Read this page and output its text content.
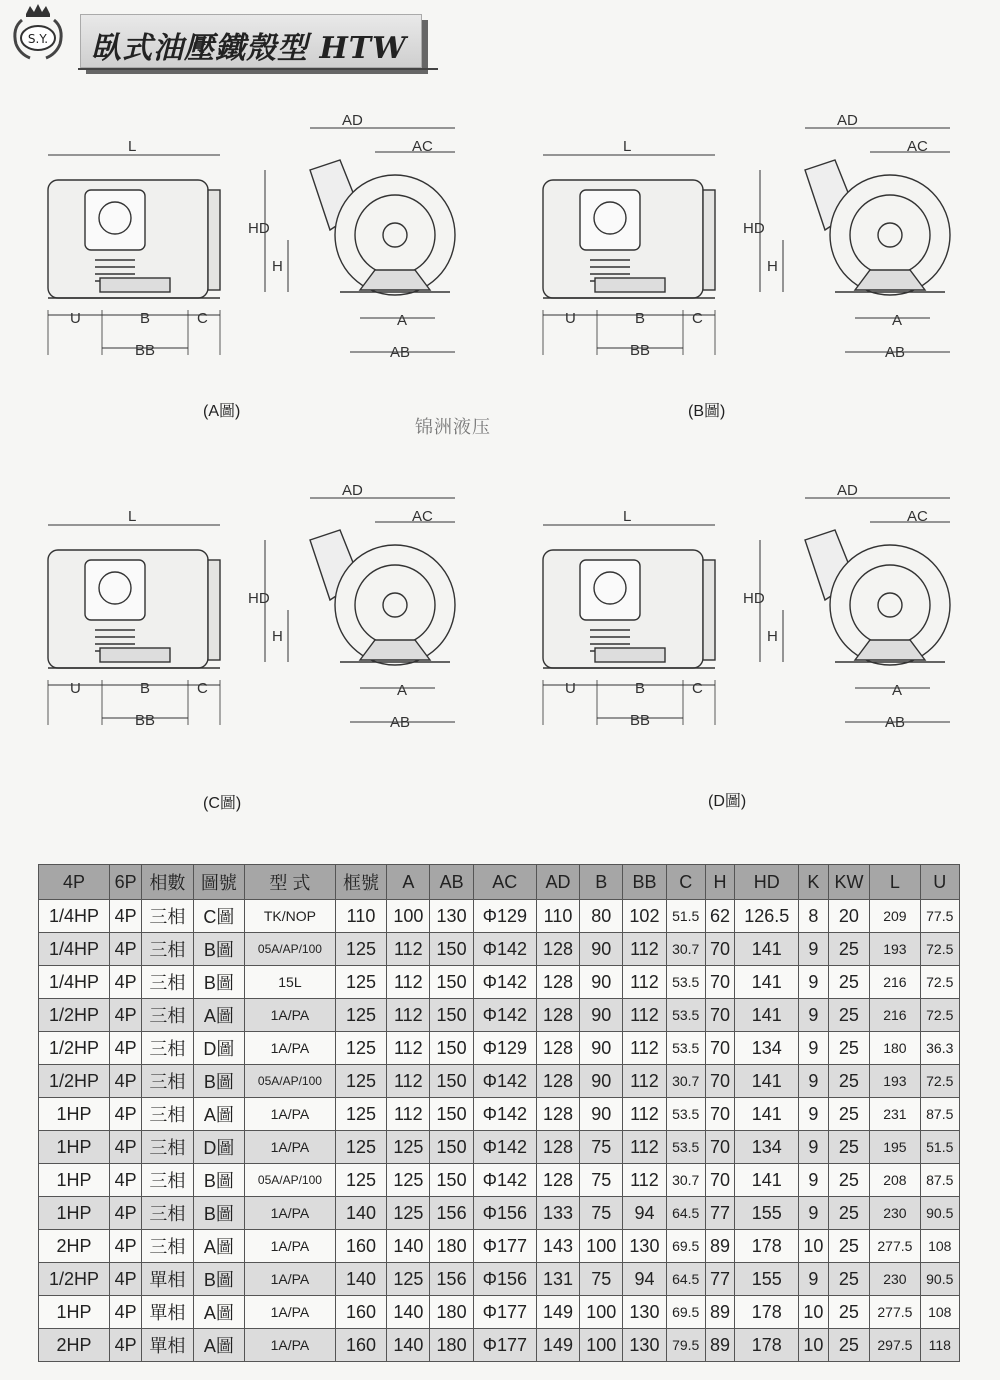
S.Y. 臥式油壓鐵殼型 HTW
L
U	B	C
BB
AD
AC
HD
H
A
AB
L
U	B	C
BB
AD
AC
HD
H
A
AB
L
U	B	C
BB
AD
AC
HD
H
A
AB
L
U	B	C
BB
AD
AC
HD
H
A
AB
锦洲液压
4P	6P	相數	圖號	型 式	框號	A	AB	AC	AD	B	BB	C	H	HD	K	KW	L	U
1/4HP	4P	三相	C圖	TK/NOP	110	100	130	Φ129	110	80	102	51.5	62	126.5	8	20	209	77.5
1/4HP	4P	三相	B圖	05A/AP/100	125	112	150	Φ142	128	90	112	30.7	70	141	9	25	193	72.5
1/4HP	4P	三相	B圖	15L	125	112	150	Φ142	128	90	112	53.5	70	141	9	25	216	72.5
1/2HP	4P	三相	A圖	1A/PA	125	112	150	Φ142	128	90	112	53.5	70	141	9	25	216	72.5
1/2HP	4P	三相	D圖	1A/PA	125	112	150	Φ129	128	90	112	53.5	70	134	9	25	180	36.3
1/2HP	4P	三相	B圖	05A/AP/100	125	112	150	Φ142	128	90	112	30.7	70	141	9	25	193	72.5
1HP	4P	三相	A圖	1A/PA	125	112	150	Φ142	128	90	112	53.5	70	141	9	25	231	87.5
1HP	4P	三相	D圖	1A/PA	125	125	150	Φ142	128	75	112	53.5	70	134	9	25	195	51.5
1HP	4P	三相	B圖	05A/AP/100	125	125	150	Φ142	128	75	112	30.7	70	141	9	25	208	87.5
1HP	4P	三相	B圖	1A/PA	140	125	156	Φ156	133	75	94	64.5	77	155	9	25	230	90.5
2HP	4P	三相	A圖	1A/PA	160	140	180	Φ177	143	100	130	69.5	89	178	10	25	277.5	108
1/2HP	4P	單相	B圖	1A/PA	140	125	156	Φ156	131	75	94	64.5	77	155	9	25	230	90.5
1HP	4P	單相	A圖	1A/PA	160	140	180	Φ177	149	100	130	69.5	89	178	10	25	277.5	108
2HP	4P	單相	A圖	1A/PA	160	140	180	Φ177	149	100	130	79.5	89	178	10	25	297.5	118
(A圖)	(B圖)
(C圖)	(D圖)
